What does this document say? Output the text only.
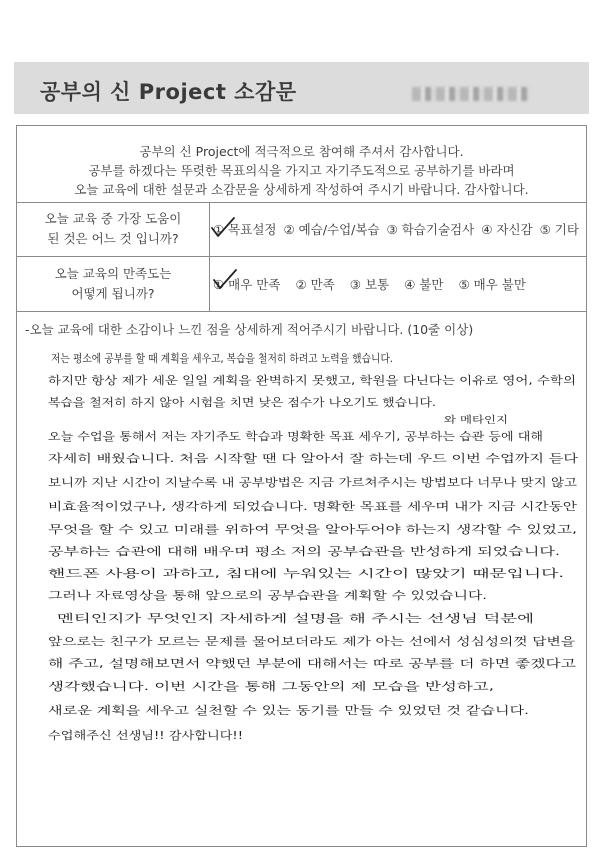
공부의 신 Project 소감문
공부의 신 Project에 적극적으로 참여해 주셔서 감사합니다.
공부를 하겠다는 뚜렷한 목표의식을 가지고 자기주도적으로 공부하기를 바라며
오늘 교육에 대한 설문과 소감문을 상세하게 작성하여 주시기 바랍니다. 감사합니다.
오늘 교육 중 가장 도움이
된 것은 어느 것 입니까?
① 목표설정 ② 예습/수업/복습 ③ 학습기술검사 ④ 자신감 ⑤ 기타
오늘 교육의 만족도는
어떻게 됩니까?
① 매우 만족 ② 만족 ③ 보통 ④ 불만 ⑤ 매우 불만
-오늘 교육에 대한 소감이나 느낀 점을 상세하게 적어주시기 바랍니다. (10줄 이상)
저는 평소에 공부를 할 때 계획을 세우고, 복습을 철저히 하려고 노력을 했습니다.
하지만 항상 제가 세운 일일 계획을 완벽하지 못했고, 학원을 다닌다는 이유로 영어, 수학의
복습을 철저히 하지 않아 시험을 치면 낮은 점수가 나오기도 했습니다.
와 메타인지
오늘 수업을 통해서 저는 자기주도 학습과 명확한 목표 세우기, 공부하는 습관 등에 대해
자세히 배웠습니다. 처음 시작할 땐 다 알아서 잘 하는데 우드 이번 수업까지 듣다
보니까 지난 시간이 지날수록 내 공부방법은 지금 가르쳐주시는 방법보다 너무나 맞지 않고
비효율적이었구나, 생각하게 되었습니다. 명확한 목표를 세우며 내가 지금 시간동안
무엇을 할 수 있고 미래를 위하여 무엇을 알아두어야 하는지 생각할 수 있었고,
공부하는 습관에 대해 배우며 평소 저의 공부습관을 반성하게 되었습니다.
핸드폰 사용이 과하고, 침대에 누워있는 시간이 많았기 때문입니다.
그러나 자료영상을 통해 앞으로의 공부습관을 계획할 수 있었습니다.
멘티인지가 무엇인지 자세하게 설명을 해 주시는 선생님 덕분에
앞으로는 친구가 모르는 문제를 물어보더라도 제가 아는 선에서 성심성의껏 답변을
해 주고, 설명해보면서 약했던 부분에 대해서는 따로 공부를 더 하면 좋겠다고
생각했습니다. 이번 시간을 통해 그동안의 제 모습을 반성하고,
새로운 계획을 세우고 실천할 수 있는 동기를 만들 수 있었던 것 같습니다.
수업해주신 선생님!! 감사합니다!!
